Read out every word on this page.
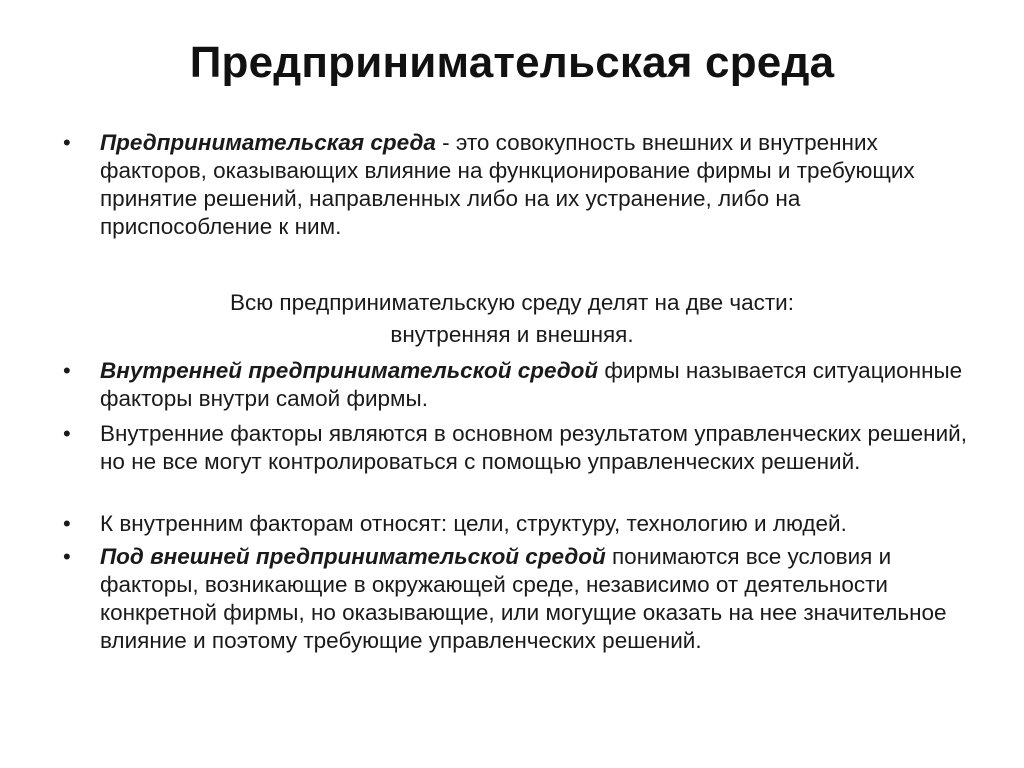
Предпринимательская среда
• Предпринимательская среда - это совокупность внешних и внутренних факторов, оказывающих влияние на функционирование фирмы и требующих принятие решений, направленных либо на их устранение, либо на приспособление к ним.
Всю предпринимательскую среду делят на две части:
внутренняя и внешняя.
• Внутренней предпринимательской средой фирмы называется ситуационные факторы внутри самой фирмы.
• Внутренние факторы являются в основном результатом управленческих решений, но не все могут контролироваться с помощью управленческих решений.
• К внутренним факторам относят: цели, структуру, технологию и людей.
• Под внешней предпринимательской средой понимаются все условия и факторы, возникающие в окружающей среде, независимо от деятельности конкретной фирмы, но оказывающие, или могущие оказать на нее значительное влияние и поэтому требующие управленческих решений.
